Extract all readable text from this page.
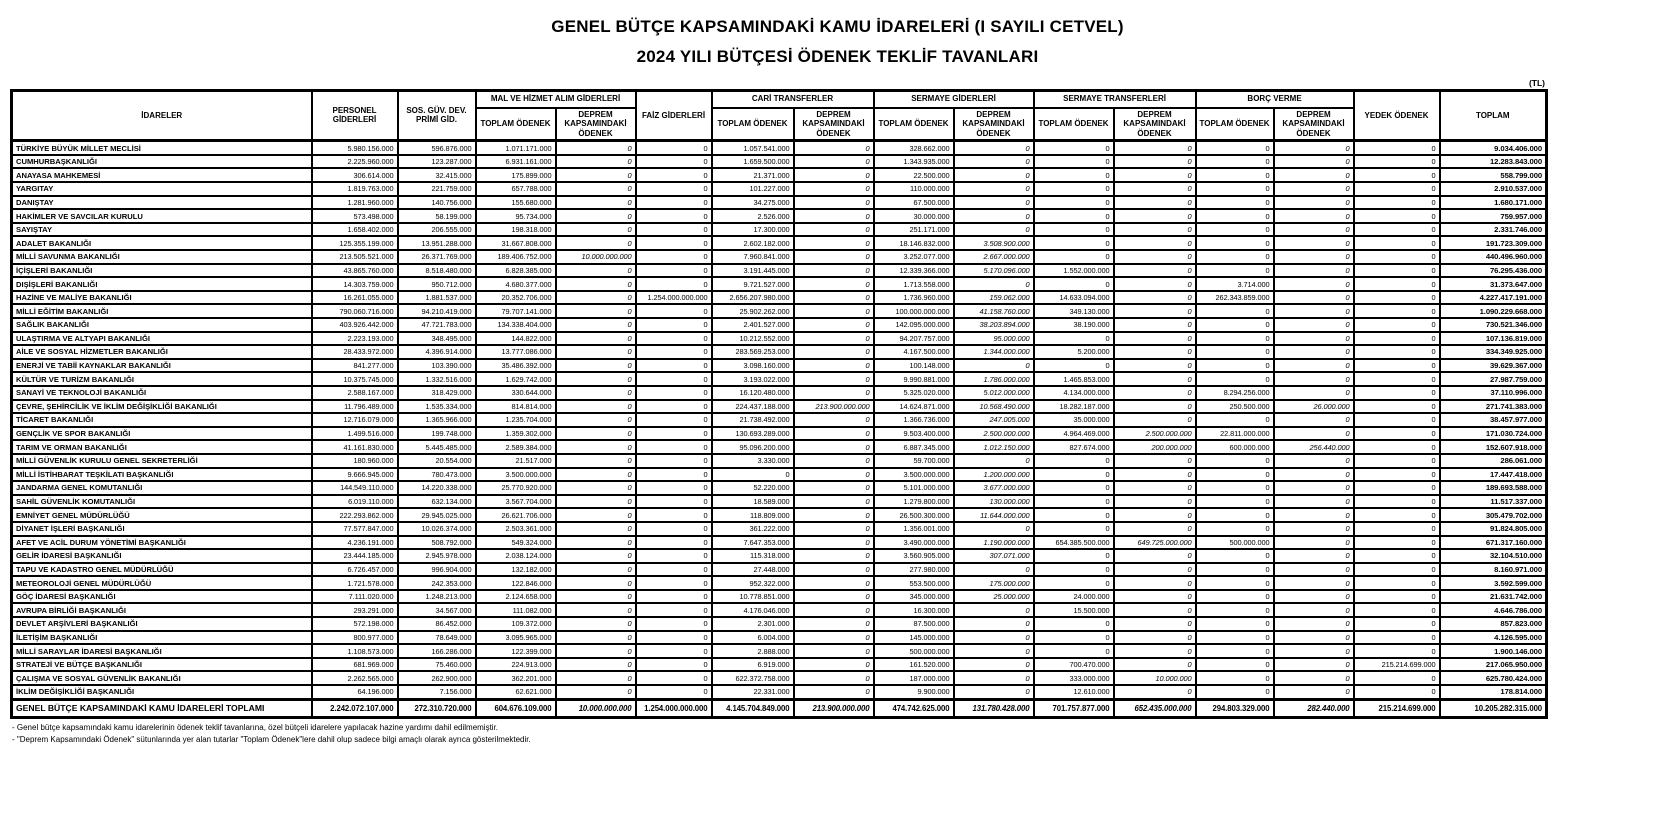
GENEL BÜTÇE KAPSAMINDAKİ KAMU İDARELERİ (I SAYILI CETVEL)
2024 YILI BÜTÇESİ ÖDENEK TEKLİF TAVANLARI
(TL)
İDARELER	PERSONEL GİDERLERİ	SOS. GÜV. DEV. PRİMİ GİD.	MAL VE HİZMET ALIM GİDERLERİ		FAİZ GİDERLERİ	CARİ TRANSFERLER		SERMAYE GİDERLERİ		SERMAYE TRANSFERLERİ		BORÇ VERME		YEDEK ÖDENEK	TOPLAM
			TOPLAM ÖDENEK	DEPREM KAPSAMINDAKİ ÖDENEK		TOPLAM ÖDENEK	DEPREM KAPSAMINDAKİ ÖDENEK	TOPLAM ÖDENEK	DEPREM KAPSAMINDAKİ ÖDENEK	TOPLAM ÖDENEK	DEPREM KAPSAMINDAKİ ÖDENEK	TOPLAM ÖDENEK	DEPREM KAPSAMINDAKİ ÖDENEK		
TÜRKİYE BÜYÜK MİLLET MECLİSİ	5.980.156.000	596.876.000	1.071.171.000	0	0	1.057.541.000	0	328.662.000	0	0	0	0	0	0	9.034.406.000
CUMHURBAŞKANLIĞI	2.225.960.000	123.287.000	6.931.161.000	0	0	1.659.500.000	0	1.343.935.000	0	0	0	0	0	0	12.283.843.000
ANAYASA MAHKEMESİ	306.614.000	32.415.000	175.899.000	0	0	21.371.000	0	22.500.000	0	0	0	0	0	0	558.799.000
YARGITAY	1.819.763.000	221.759.000	657.788.000	0	0	101.227.000	0	110.000.000	0	0	0	0	0	0	2.910.537.000
DANIŞTAY	1.281.960.000	140.756.000	155.680.000	0	0	34.275.000	0	67.500.000	0	0	0	0	0	0	1.680.171.000
HAKİMLER VE SAVCILAR KURULU	573.498.000	58.199.000	95.734.000	0	0	2.526.000	0	30.000.000	0	0	0	0	0	0	759.957.000
SAYIŞTAY	1.658.402.000	206.555.000	198.318.000	0	0	17.300.000	0	251.171.000	0	0	0	0	0	0	2.331.746.000
ADALET BAKANLIĞI	125.355.199.000	13.951.288.000	31.667.808.000	0	0	2.602.182.000	0	18.146.832.000	3.508.900.000	0	0	0	0	0	191.723.309.000
MİLLİ SAVUNMA BAKANLIĞI	213.505.521.000	26.371.769.000	189.406.752.000	10.000.000.000	0	7.960.841.000	0	3.252.077.000	2.667.000.000	0	0	0	0	0	440.496.960.000
İÇİŞLERİ BAKANLIĞI	43.865.760.000	8.518.480.000	6.828.385.000	0	0	3.191.445.000	0	12.339.366.000	5.170.096.000	1.552.000.000	0	0	0	0	76.295.436.000
DIŞİŞLERİ BAKANLIĞI	14.303.759.000	950.712.000	4.680.377.000	0	0	9.721.527.000	0	1.713.558.000	0	0	0	3.714.000	0	0	31.373.647.000
HAZİNE VE MALİYE BAKANLIĞI	16.261.055.000	1.881.537.000	20.352.706.000	0	1.254.000.000.000	2.656.207.980.000	0	1.736.960.000	159.062.000	14.633.094.000	0	262.343.859.000	0	0	4.227.417.191.000
MİLLİ EĞİTİM BAKANLIĞI	790.060.716.000	94.210.419.000	79.707.141.000	0	0	25.902.262.000	0	100.000.000.000	41.158.760.000	349.130.000	0	0	0	0	1.090.229.668.000
SAĞLIK BAKANLIĞI	403.926.442.000	47.721.783.000	134.338.404.000	0	0	2.401.527.000	0	142.095.000.000	38.203.894.000	38.190.000	0	0	0	0	730.521.346.000
ULAŞTIRMA VE ALTYAPI BAKANLIĞI	2.223.193.000	348.495.000	144.822.000	0	0	10.212.552.000	0	94.207.757.000	95.000.000	0	0	0	0	0	107.136.819.000
AİLE VE SOSYAL HİZMETLER BAKANLIĞI	28.433.972.000	4.396.914.000	13.777.086.000	0	0	283.569.253.000	0	4.167.500.000	1.344.000.000	5.200.000	0	0	0	0	334.349.925.000
ENERJİ VE TABİİ KAYNAKLAR BAKANLIĞI	841.277.000	103.390.000	35.486.392.000	0	0	3.098.160.000	0	100.148.000	0	0	0	0	0	0	39.629.367.000
KÜLTÜR VE TURİZM BAKANLIĞI	10.375.745.000	1.332.516.000	1.629.742.000	0	0	3.193.022.000	0	9.990.881.000	1.786.000.000	1.465.853.000	0	0	0	0	27.987.759.000
SANAYİ VE TEKNOLOJİ BAKANLIĞI	2.588.167.000	318.429.000	330.644.000	0	0	16.120.480.000	0	5.325.020.000	5.012.000.000	4.134.000.000	0	8.294.256.000	0	0	37.110.996.000
ÇEVRE, ŞEHİRCİLİK VE İKLİM DEĞİŞİKLİĞİ BAKANLIĞI	11.796.489.000	1.535.334.000	814.814.000	0	0	224.437.188.000	213.900.000.000	14.624.871.000	10.568.490.000	18.282.187.000	0	250.500.000	26.000.000	0	271.741.383.000
TİCARET BAKANLIĞI	12.716.079.000	1.365.966.000	1.235.704.000	0	0	21.738.492.000	0	1.366.736.000	247.005.000	35.000.000	0	0	0	0	38.457.977.000
GENÇLİK VE SPOR BAKANLIĞI	1.499.516.000	199.748.000	1.359.302.000	0	0	130.693.289.000	0	9.503.400.000	2.500.000.000	4.964.469.000	2.500.000.000	22.811.000.000	0	0	171.030.724.000
TARIM VE ORMAN BAKANLIĞI	41.161.830.000	5.445.485.000	2.589.384.000	0	0	95.096.200.000	0	6.887.345.000	1.012.150.000	827.674.000	200.000.000	600.000.000	256.440.000	0	152.607.918.000
MİLLİ GÜVENLİK KURULU GENEL SEKRETERLİĞİ	180.960.000	20.554.000	21.517.000	0	0	3.330.000	0	59.700.000	0	0	0	0	0	0	286.061.000
MİLLİ İSTİHBARAT TEŞKİLATI BAŞKANLIĞI	9.666.945.000	780.473.000	3.500.000.000	0	0	0	0	3.500.000.000	1.200.000.000	0	0	0	0	0	17.447.418.000
JANDARMA GENEL KOMUTANLIĞI	144.549.110.000	14.220.338.000	25.770.920.000	0	0	52.220.000	0	5.101.000.000	3.677.000.000	0	0	0	0	0	189.693.588.000
SAHİL GÜVENLİK KOMUTANLIĞI	6.019.110.000	632.134.000	3.567.704.000	0	0	18.589.000	0	1.279.800.000	130.000.000	0	0	0	0	0	11.517.337.000
EMNİYET GENEL MÜDÜRLÜĞÜ	222.293.862.000	29.945.025.000	26.621.706.000	0	0	118.809.000	0	26.500.300.000	11.644.000.000	0	0	0	0	0	305.479.702.000
DİYANET İŞLERİ BAŞKANLIĞI	77.577.847.000	10.026.374.000	2.503.361.000	0	0	361.222.000	0	1.356.001.000	0	0	0	0	0	0	91.824.805.000
AFET VE ACİL DURUM YÖNETİMİ BAŞKANLIĞI	4.236.191.000	508.792.000	549.324.000	0	0	7.647.353.000	0	3.490.000.000	1.190.000.000	654.385.500.000	649.725.000.000	500.000.000	0	0	671.317.160.000
GELİR İDARESİ BAŞKANLIĞI	23.444.185.000	2.945.978.000	2.038.124.000	0	0	115.318.000	0	3.560.905.000	307.071.000	0	0	0	0	0	32.104.510.000
TAPU VE KADASTRO GENEL MÜDÜRLÜĞÜ	6.726.457.000	996.904.000	132.182.000	0	0	27.448.000	0	277.980.000	0	0	0	0	0	0	8.160.971.000
METEOROLOJİ GENEL MÜDÜRLÜĞÜ	1.721.578.000	242.353.000	122.846.000	0	0	952.322.000	0	553.500.000	175.000.000	0	0	0	0	0	3.592.599.000
GÖÇ İDARESİ BAŞKANLIĞI	7.111.020.000	1.248.213.000	2.124.658.000	0	0	10.778.851.000	0	345.000.000	25.000.000	24.000.000	0	0	0	0	21.631.742.000
AVRUPA BİRLİĞİ BAŞKANLIĞI	293.291.000	34.567.000	111.082.000	0	0	4.176.046.000	0	16.300.000	0	15.500.000	0	0	0	0	4.646.786.000
DEVLET ARŞİVLERİ BAŞKANLIĞI	572.198.000	86.452.000	109.372.000	0	0	2.301.000	0	87.500.000	0	0	0	0	0	0	857.823.000
İLETİŞİM BAŞKANLIĞI	800.977.000	78.649.000	3.095.965.000	0	0	6.004.000	0	145.000.000	0	0	0	0	0	0	4.126.595.000
MİLLİ SARAYLAR İDARESİ BAŞKANLIĞI	1.108.573.000	166.286.000	122.399.000	0	0	2.888.000	0	500.000.000	0	0	0	0	0	0	1.900.146.000
STRATEJİ VE BÜTÇE BAŞKANLIĞI	681.969.000	75.460.000	224.913.000	0	0	6.919.000	0	161.520.000	0	700.470.000	0	0	0	215.214.699.000	217.065.950.000
ÇALIŞMA VE SOSYAL GÜVENLİK BAKANLIĞI	2.262.565.000	262.900.000	362.201.000	0	0	622.372.758.000	0	187.000.000	0	333.000.000	10.000.000	0	0	0	625.780.424.000
İKLİM DEĞİŞİKLİĞİ BAŞKANLIĞI	64.196.000	7.156.000	62.621.000	0	0	22.331.000	0	9.900.000	0	12.610.000	0	0	0	0	178.814.000
GENEL BÜTÇE KAPSAMINDAKİ KAMU İDARELERİ TOPLAMI	2.242.072.107.000	272.310.720.000	604.676.109.000	10.000.000.000	1.254.000.000.000	4.145.704.849.000	213.900.000.000	474.742.625.000	131.780.428.000	701.757.877.000	652.435.000.000	294.803.329.000	282.440.000	215.214.699.000	10.205.282.315.000
- Genel bütçe kapsamındaki kamu idarelerinin ödenek teklif tavanlarına, özel bütçeli idarelere yapılacak hazine yardımı dahil edilmemiştir.
- "Deprem Kapsamındaki Ödenek" sütunlarında yer alan tutarlar "Toplam Ödenek"lere dahil olup sadece bilgi amaçlı olarak ayrıca gösterilmektedir.
